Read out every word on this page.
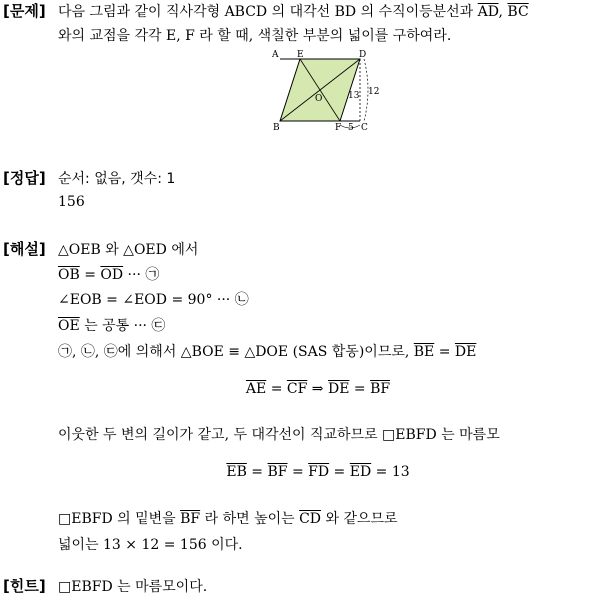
[문제] 다음 그림과 같이 직사각형 ABCD 의 대각선 BD 의 수직이등분선과 $\overline{AD}$, $\overline{BC}$
와의 교점을 각각 E, F 라 할 때, 색칠한 부분의 넓이를 구하여라.
A E	D
B	F C
O	13 12
5
[정답] 순서: 없음, 갯수: 1
156
[해설] △OEB 와 △OED 에서
$\overline{OB} = \overline{OD}$ ··· ㉠
∠EOB = ∠EOD = 90° ··· ㉡
$\overline{OE}$ 는 공통 ··· ㉢
㉠, ㉡, ㉢에 의해서 △BOE ≡ △DOE (SAS 합동)이므로, $\overline{BE} = \overline{DE}$
$\overline{AE} = \overline{CF}$ ⇒ $\overline{DE} = \overline{BF}$
이웃한 두 변의 길이가 같고, 두 대각선이 직교하므로 □EBFD 는 마름모
$\overline{EB} = \overline{BF} = \overline{FD} = \overline{ED} = 13$
□EBFD 의 밑변을 $\overline{BF}$ 라 하면 높이는 $\overline{CD}$ 와 같으므로
넓이는 13 × 12 = 156 이다.
[힌트] □EBFD 는 마름모이다.
